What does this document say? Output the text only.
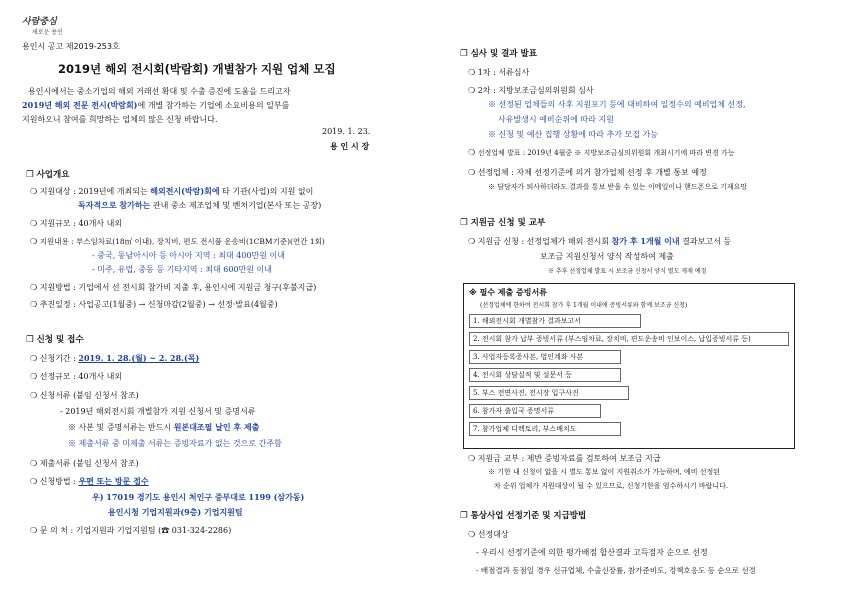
사람중심
새로운 용인
용인시 공고 제2019-253호
2019년 해외 전시회(박람회) 개별참가 지원 업체 모집
용인시에서는 중소기업의 해외 거래선 확대 및 수출 증진에 도움을 드리고자
2019년 해외 전문 전시(박람회)에 개별 참가하는 기업에 소요비용의 일부를
지원하오니 참여를 희망하는 업체의 많은 신청 바랍니다.
2019. 1. 23.
용 인 시 장
❐ 사업개요
❍ 지원대상 : 2019년에 개최되는 해외전시(박람)회에 타 기관(사업)의 지원 없이
독자적으로 참가하는 관내 중소 제조업체 및 벤처기업(본사 또는 공장)
❍ 지원규모 : 40개사 내외
❍ 지원내용 : 부스임차료(18㎡ 이내), 장치비, 편도 전시품 운송비(1CBM기준)(연간 1회)
- 중국, 동남아시아 등 아시아 지역 : 최대 400만원 이내
- 미주, 유럽, 중동 등 기타지역 : 최대 600만원 이내
❍ 지원방법 : 기업에서 선 전시회 참가비 지출 후, 용인시에 지원금 청구(후불지급)
❍ 추진일정 : 사업공고(1월중) → 신청마감(2월중) → 선정·발표(4월중)
❐ 신청 및 접수
❍ 신청기간 : 2019. 1. 28.(월) ~ 2. 28.(목)
❍ 선정규모 : 40개사 내외
❍ 신청서류 (붙임 신청서 참조)
- 2019년 해외전시회 개별참가 지원 신청서 및 증명서류
※ 사본 및 증명서류는 반드시 원본대조필 날인 후 제출
※ 제출서류 중 미제출 서류는 증빙자료가 없는 것으로 간주함
❍ 제출서류 (붙임 신청서 참조)
❍ 신청방법 : 우편 또는 방문 접수
우) 17019 경기도 용인시 처인구 중부대로 1199 (삼가동)
용인시청 기업지원과(9층) 기업지원팀
❍ 문 의 처 : 기업지원과 기업지원팀 (☎ 031-324-2286)
❐ 심사 및 결과 발표
❍ 1차 : 서류심사
❍ 2차 : 지방보조금심의위원회 심사
※ 선정된 업체들의 사후 지원포기 등에 대비하여 일정수의 예비업체 선정,
사유발생시 예비순위에 따라 지원
※ 신청 및 예산 집행 상황에 따라 추가 모집 가능
❍ 선정업체 발표 : 2019년 4월중 ※ 지방보조금심의위원회 개최시기에 따라 변경 가능
❍ 선정업체 : 자체 선정기준에 의거 참가업체 선정 후 개별 통보 예정
※ 담당자가 퇴사하더라도 결과를 통보 받을 수 있는 이메일이나 핸드폰으로 기재요망
❐ 지원금 신청 및 교부
❍ 지원금 신청 : 선정업체가 해외 전시회 참가 후 1개월 이내 결과보고서 등
보조금 지원신청서 양식 작성하여 제출
※ 추후 선정업체 발표 시 보조금 신청서 양식 별도 게재 예정
※ 필수 제출 증빙서류
(선정업체에 한하여 전시회 참가 후 1개월 이내에 증빙서류와 함께 보조금 신청)
1. 해외전시회 개별참가 결과보고서
2. 전시회 참가 납부 증빙서류 (부스임차료, 장치비, 편도운송비 인보이스, 납입증빙서류 등)
3. 사업자등록증사본, 법인계좌 사본
4. 전시회 상담실적 및 설문서 등
5. 부스 전면사진, 전시장 입구사진
6. 참가자 출입국 증명서류
7. 참가업체 디렉토리, 부스배치도
❍ 지원금 교부 : 제반 증빙자료를 검토하여 보조금 지급
※ 기한 내 신청이 없을 시 별도 통보 없이 지원취소가 가능하며, 예비 선정된
차 순위 업체가 지원대상이 될 수 있으므로, 신청기한을 엄수하시기 바랍니다.
❐ 통상사업 선정기준 및 지급방법
❍ 선정대상
- 우리시 선정기준에 의한 평가배점 합산결과 고득점자 순으로 선정
- 배점결과 동점일 경우 신규업체, 수출신장률, 참가준비도, 정책호응도 등 순으로 선정
